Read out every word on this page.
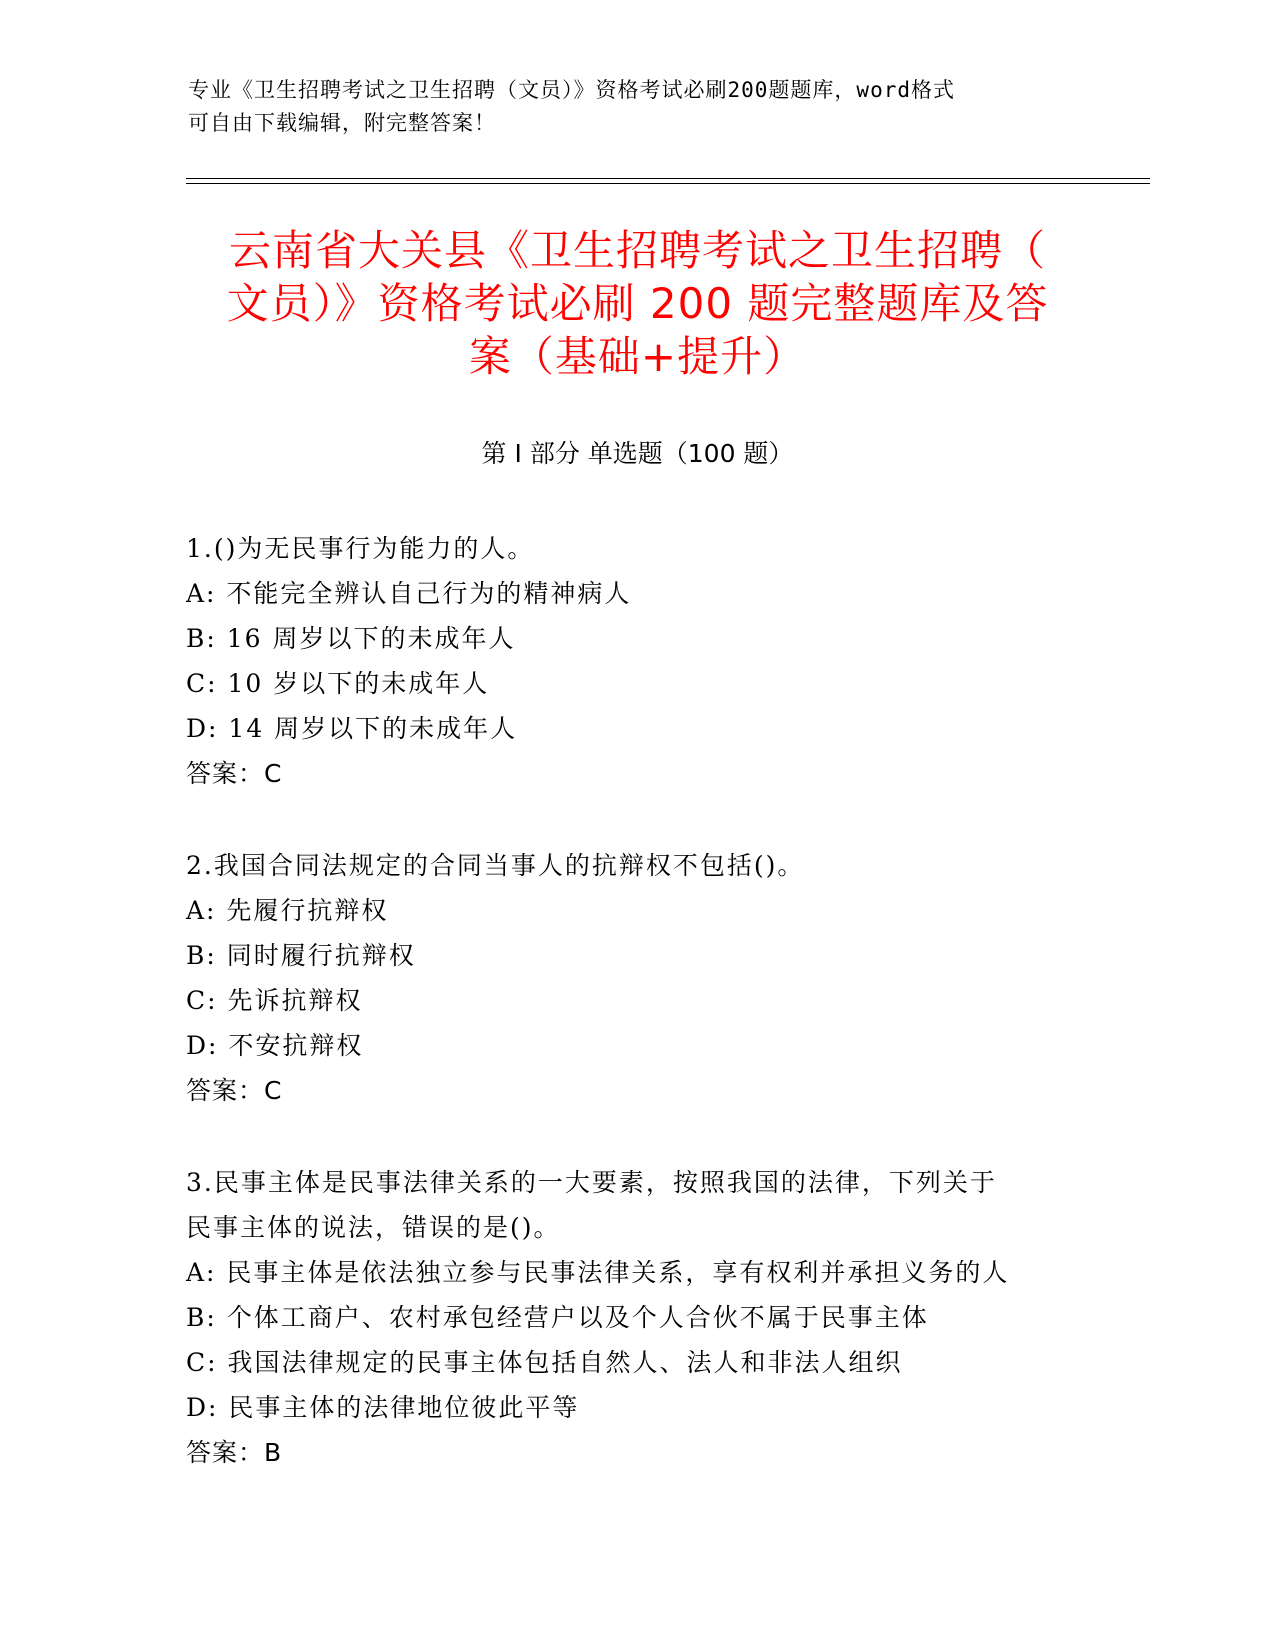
专业《卫生招聘考试之卫生招聘（文员）》资格考试必刷200题题库，word格式
可自由下载编辑，附完整答案！
云南省大关县《卫生招聘考试之卫生招聘（
文员）》资格考试必刷 200 题完整题库及答
案（基础+提升）
第 I 部分 单选题（100 题）
1.()为无民事行为能力的人。
A: 不能完全辨认自己行为的精神病人
B: 16 周岁以下的未成年人
C: 10 岁以下的未成年人
D: 14 周岁以下的未成年人
答案：C
2.我国合同法规定的合同当事人的抗辩权不包括()。
A: 先履行抗辩权
B: 同时履行抗辩权
C: 先诉抗辩权
D: 不安抗辩权
答案：C
3.民事主体是民事法律关系的一大要素，按照我国的法律，下列关于
民事主体的说法，错误的是()。
A: 民事主体是依法独立参与民事法律关系，享有权利并承担义务的人
B: 个体工商户、农村承包经营户以及个人合伙不属于民事主体
C: 我国法律规定的民事主体包括自然人、法人和非法人组织
D: 民事主体的法律地位彼此平等
答案：B
